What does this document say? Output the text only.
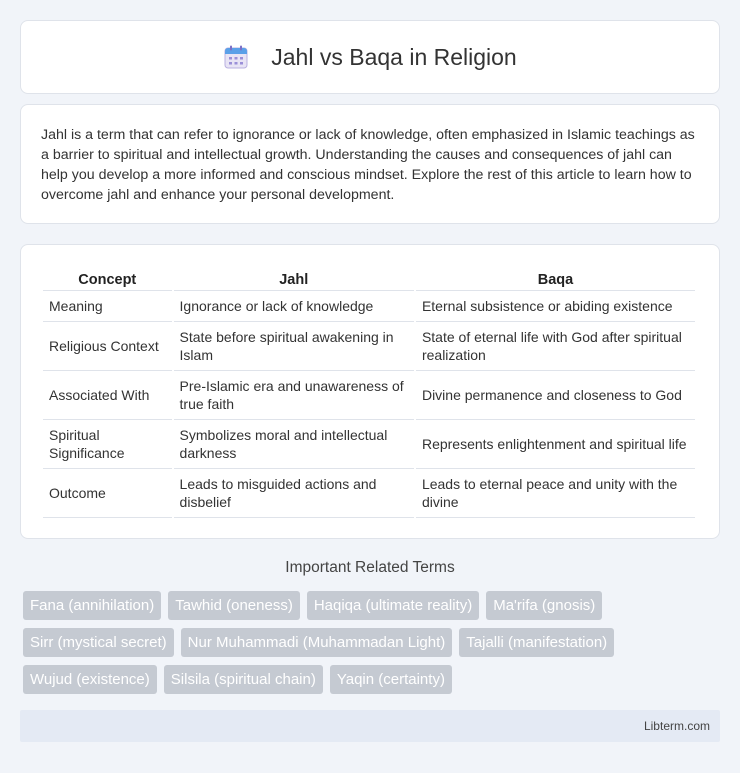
Jahl vs Baqa in Religion

Jahl is a term that can refer to ignorance or lack of knowledge, often emphasized in Islamic teachings as a barrier to spiritual and intellectual growth. Understanding the causes and consequences of jahl can help you develop a more informed and conscious mindset. Explore the rest of this article to learn how to overcome jahl and enhance your personal development.

Concept	Jahl	Baqa
Meaning	Ignorance or lack of knowledge	Eternal subsistence or abiding existence
Religious Context	State before spiritual awakening in Islam	State of eternal life with God after spiritual realization
Associated With	Pre-Islamic era and unawareness of true faith	Divine permanence and closeness to God
Spiritual Significance	Symbolizes moral and intellectual darkness	Represents enlightenment and spiritual life
Outcome	Leads to misguided actions and disbelief	Leads to eternal peace and unity with the divine
Important Related Terms
Fana (annihilation)	Tawhid (oneness)	Haqiqa (ultimate reality)	Ma'rifa (gnosis)
Sirr (mystical secret)	Nur Muhammadi (Muhammadan Light)	Tajalli (manifestation)
Wujud (existence)	Silsila (spiritual chain)	Yaqin (certainty)
Libterm.com
